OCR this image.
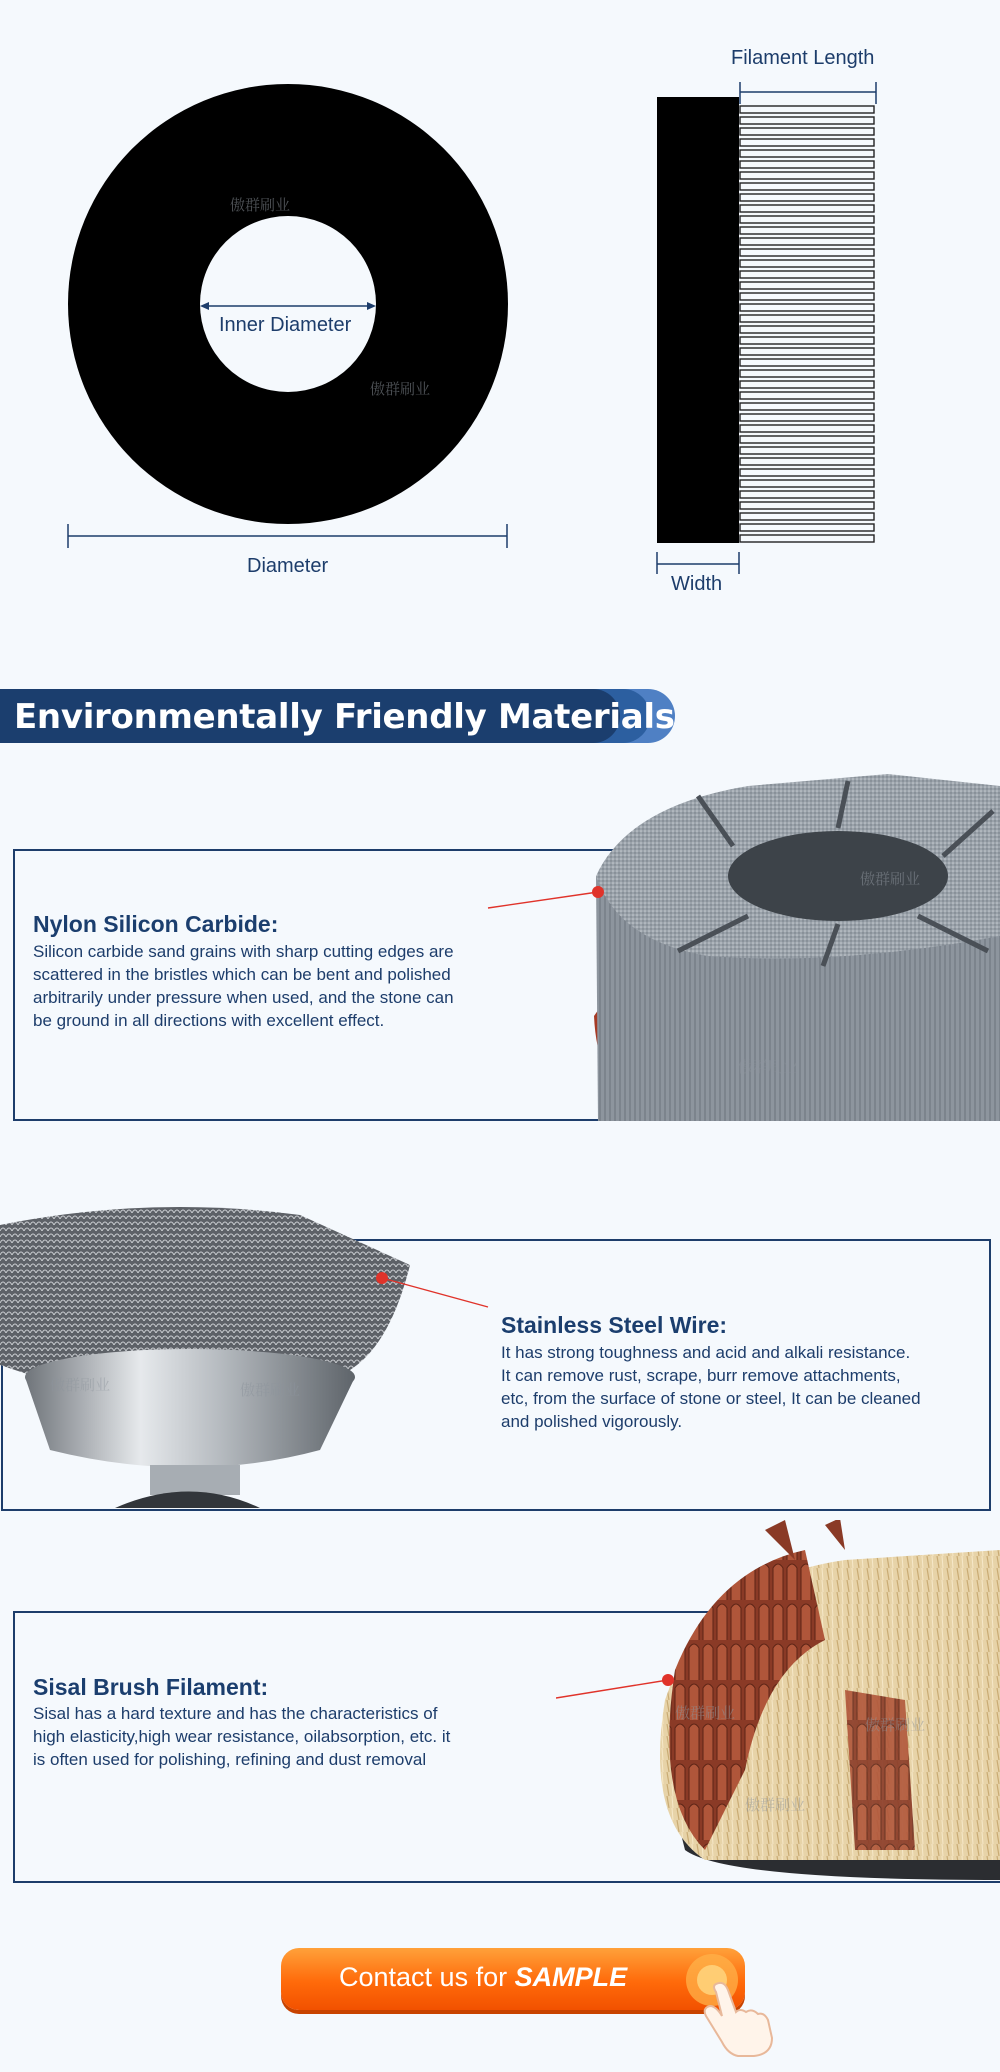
傲群刷业
傲群刷业
Inner Diameter
Diameter
Filament Length
Width
Environmentally Friendly Materials
傲群刷业
傲群刷业
Nylon Silicon Carbide:
Silicon carbide sand grains with sharp cutting edges are
scattered in the bristles which can be bent and polished
arbitrarily under pressure when used, and the stone can
be ground in all directions with excellent effect.
傲群刷业
傲群刷业
Stainless Steel Wire:
It has strong toughness and acid and alkali resistance.
It can remove rust, scrape, burr remove attachments,
etc, from the surface of stone or steel, It can be cleaned
and polished vigorously.
傲群刷业
傲群刷业
傲群刷业
Sisal Brush Filament:
Sisal has a hard texture and has the characteristics of
high elasticity,high wear resistance, oilabsorption, etc. it
is often used for polishing, refining and dust removal
Contact us for SAMPLE
